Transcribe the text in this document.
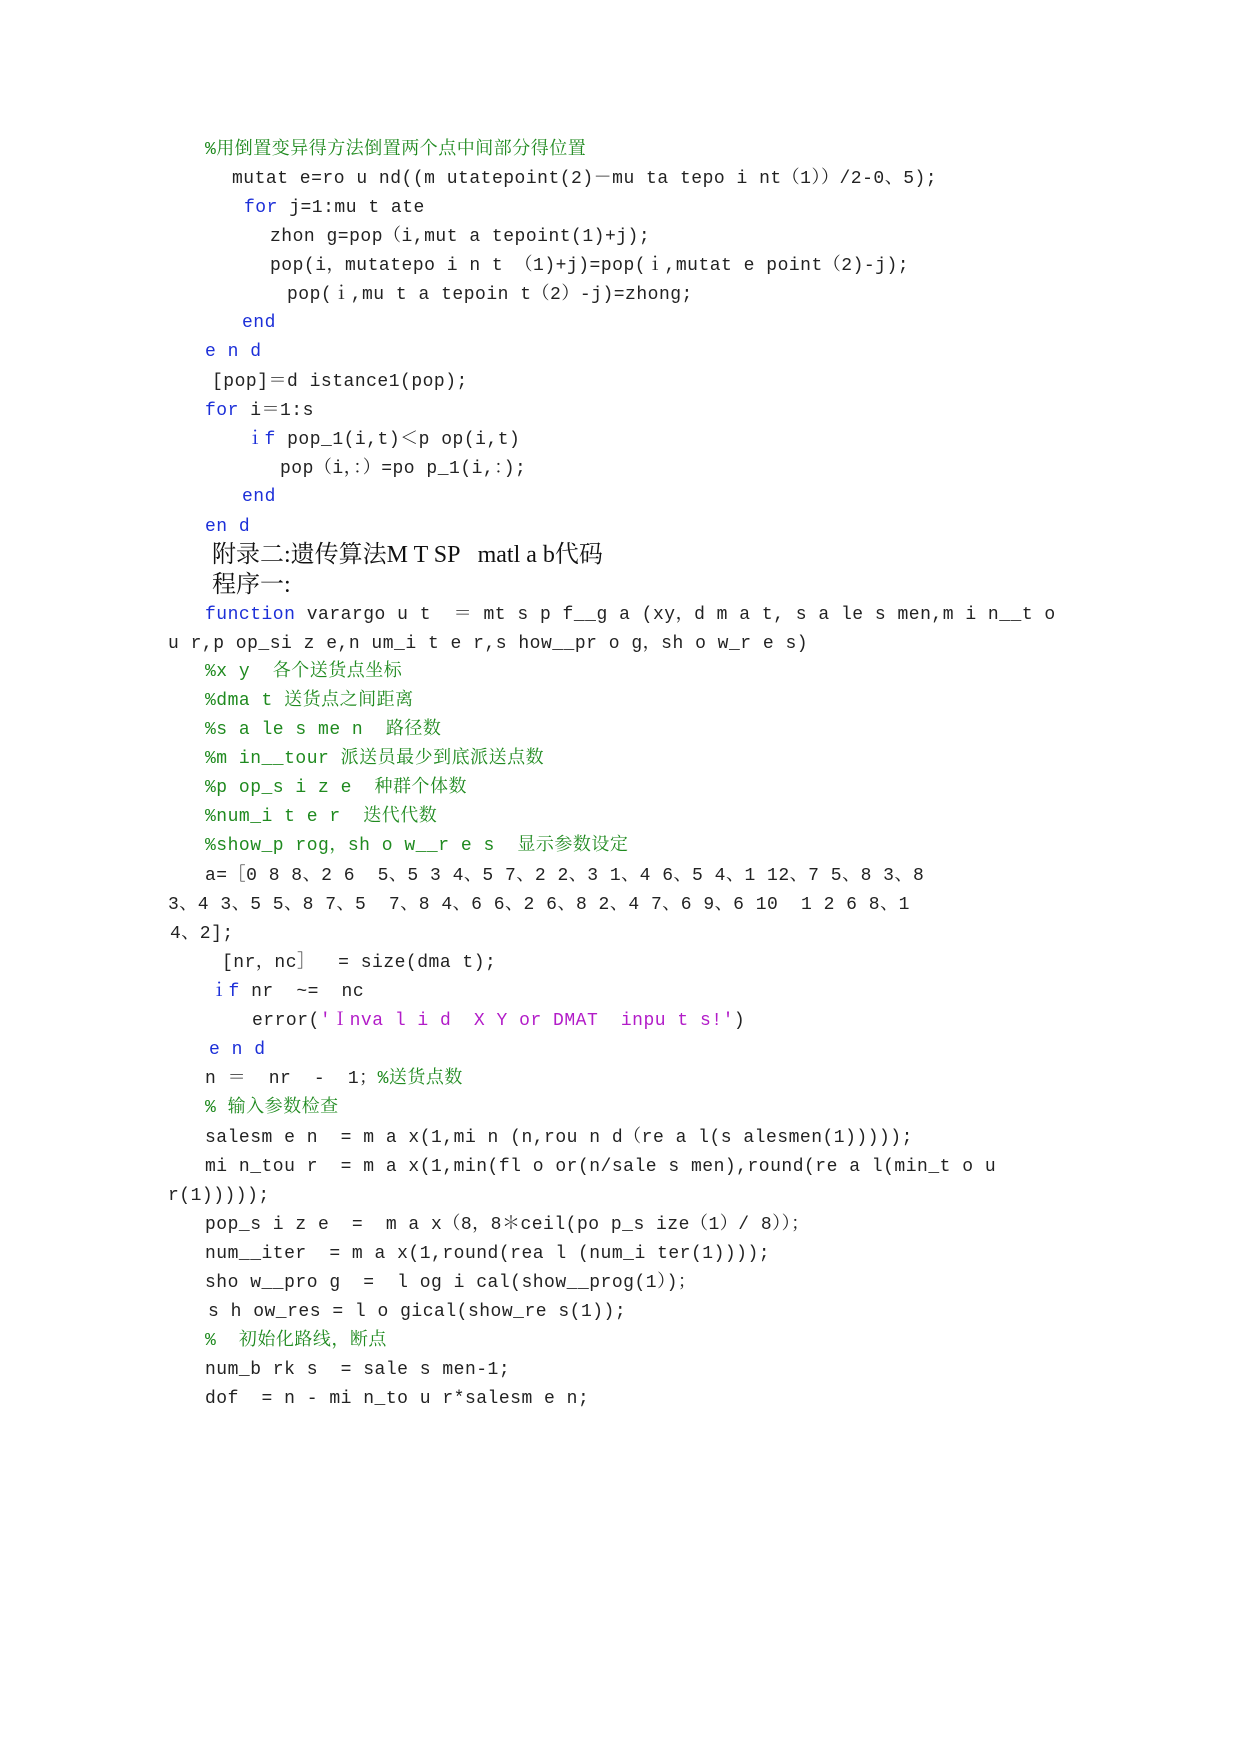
%用倒置变异得方法倒置两个点中间部分得位置
mutat e=ro u nd((m utatepoint(2)－mu ta tepo i nt（1））/2-0、5);
for j=1:mu t ate
zhon g=pop（i,mut a tepoint(1)+j);
pop(i，mutatepo i n t （1)+j)=pop(ｉ,mutat e point（2)-j);
pop(ｉ,mu t a tepoin t（2）-j)=zhong;
end
e n d
[pop]＝d istance1(pop);
for i＝1:s
ｉf pop_1(i,t)＜p op(i,t)
pop（i，：）=po p_1(i,：);
end
en d
附录二:遗传算法M T SP   matl a b代码
程序一:
function varargo u t  ＝ mt s p f__g a (xy，d m a t, s a le s men,m i n__t o
u r,p op_si z e,n um_i t e r,s how__pr o g，sh o w_r e s)
%x y  各个送货点坐标
%dma t 送货点之间距离
%s a le s me n  路径数
%m in__tour 派送员最少到底派送点数
%p op_s i z e  种群个体数
%num_i t e r  迭代代数
%show_p rog，sh o w__r e s  显示参数设定
a=［0 8 8、2 6  5、5 3 4、5 7、2 2、3 1、4 6、5 4、1 12、7 5、8 3、8
3、4 3、5 5、8 7、5  7、8 4、6 6、2 6、8 2、4 7、6 9、6 10  1 2 6 8、1
4、2];
[nr，nc］  = size(dma t);
ｉf nr  ~=  nc
error('Ｉnva l i d  X Y or DMAT  inpu t s!')
e n d
n ＝  nr  -  1；%送货点数
% 输入参数检查
salesm e n  = m a x(1,mi n (n,rou n d（re a l(s alesmen(1)))));
mi n_tou r  = m a x(1,min(fl o or(n/sale s men),round(re a l(min_t o u
r(1)))));
pop_s i z e  =  m a x（8，8＊ceil(po p_s ize（1）/ 8））；
num__iter  = m a x(1,round(rea l (num_i ter(1))));
sho w__pro g  =  l og i cal(show__prog(1）)；
s h ow_res = l o gical(show_re s(1));
%  初始化路线，断点
num_b rk s  = sale s men-1;
dof  = n - mi n_to u r*salesm e n;
